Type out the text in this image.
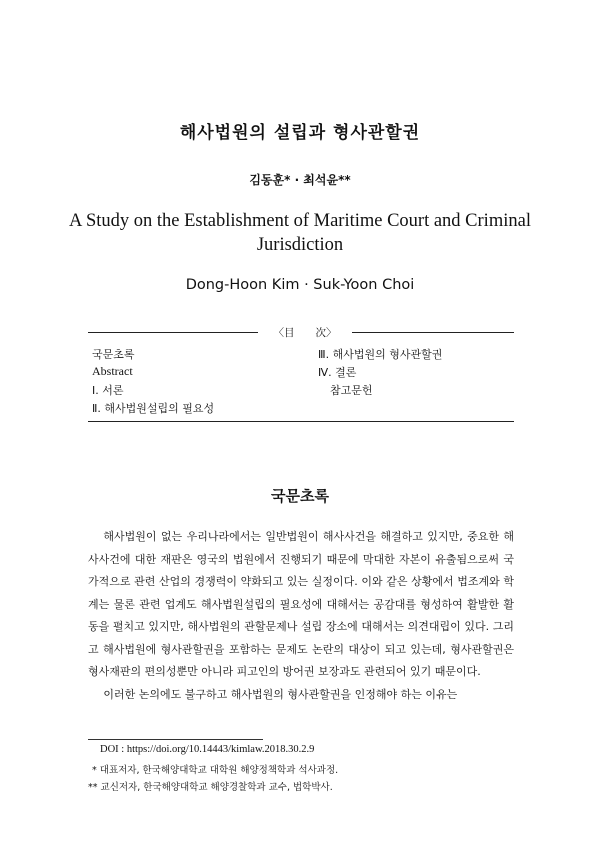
해사법원의 설립과 형사관할권
김동훈* · 최석윤**
A Study on the Establishment of Maritime Court and Criminal Jurisdiction
Dong-Hoon Kim · Suk-Yoon Choi
〈目　　次〉
국문초록
Abstract
Ⅰ. 서론
Ⅱ. 해사법원설립의 필요성
Ⅲ. 해사법원의 형사관할권
Ⅳ. 결론
참고문헌
국문초록

해사법원이 없는 우리나라에서는 일반법원이 해사사건을 해결하고 있지만, 중요한 해사사건에 대한 재판은 영국의 법원에서 진행되기 때문에 막대한 자본이 유출됨으로써 국가적으로 관련 산업의 경쟁력이 약화되고 있는 실정이다. 이와 같은 상황에서 법조계와 학계는 물론 관련 업계도 해사법원설립의 필요성에 대해서는 공감대를 형성하여 활발한 활동을 펼치고 있지만, 해사법원의 관할문제나 설립 장소에 대해서는 의견대립이 있다. 그리고 해사법원에 형사관할권을 포함하는 문제도 논란의 대상이 되고 있는데, 형사관할권은 형사재판의 편의성뿐만 아니라 피고인의 방어권 보장과도 관련되어 있기 때문이다.

이러한 논의에도 불구하고 해사법원의 형사관할권을 인정해야 하는 이유는

DOI : https://doi.org/10.14443/kimlaw.2018.30.2.9
* 대표저자, 한국해양대학교 대학원 해양정책학과 석사과정.
** 교신저자, 한국해양대학교 해양경찰학과 교수, 법학박사.
